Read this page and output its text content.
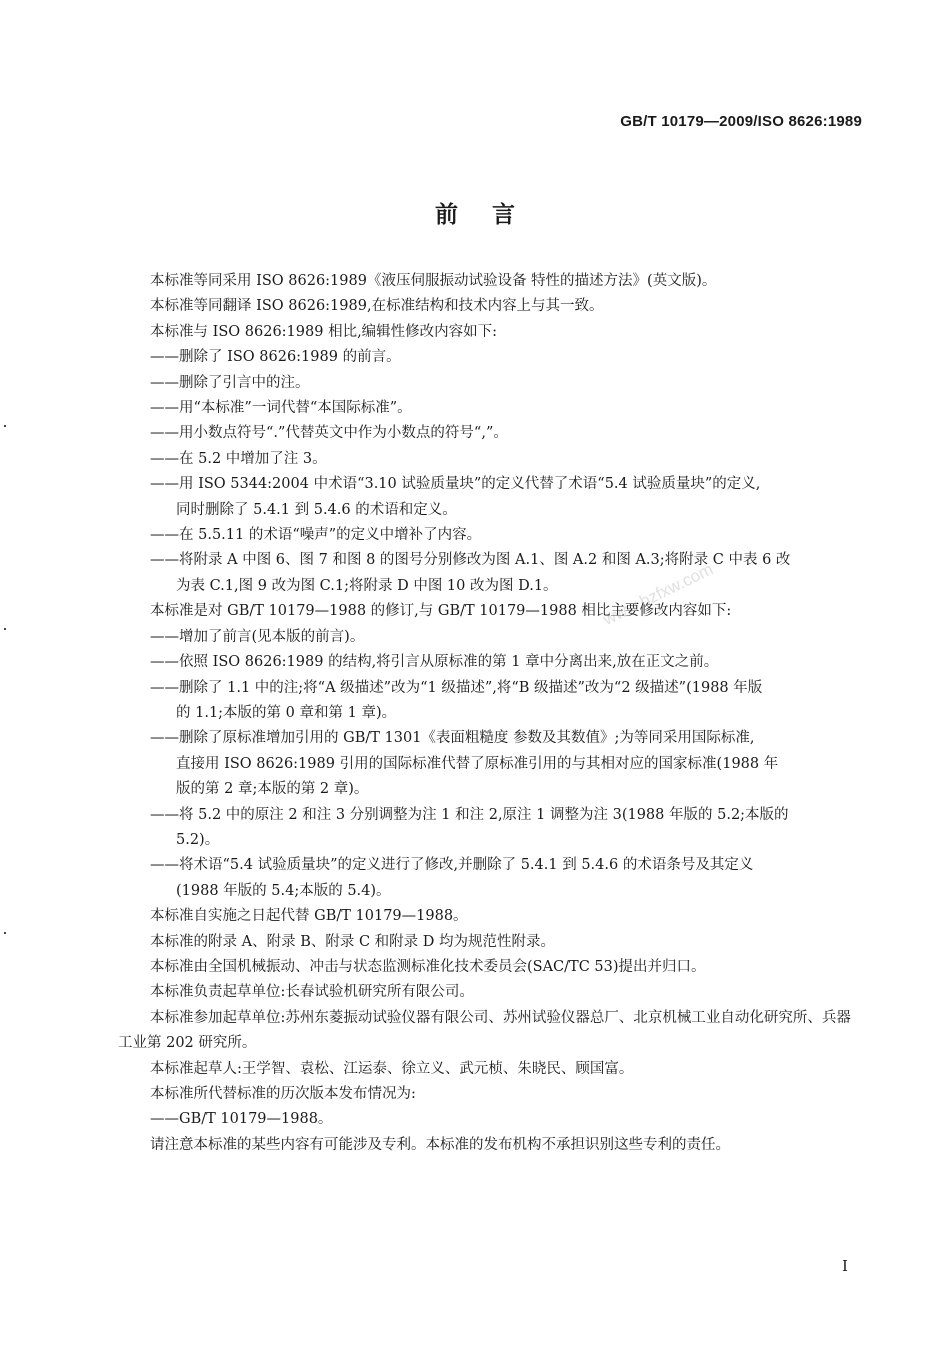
GB/T 10179—2009/ISO 8626:1989
前言
www.bzfxw.com

本标准等同采用 ISO 8626:1989《液压伺服振动试验设备 特性的描述方法》(英文版)。

本标准等同翻译 ISO 8626:1989,在标准结构和技术内容上与其一致。

本标准与 ISO 8626:1989 相比,编辑性修改内容如下:

——删除了 ISO 8626:1989 的前言。

——删除了引言中的注。

——用“本标准”一词代替“本国际标准”。

——用小数点符号“.”代替英文中作为小数点的符号“,”。

——在 5.2 中增加了注 3。

——用 ISO 5344:2004 中术语“3.10 试验质量块”的定义代替了术语“5.4 试验质量块”的定义,

同时删除了 5.4.1 到 5.4.6 的术语和定义。

——在 5.5.11 的术语“噪声”的定义中增补了内容。

——将附录 A 中图 6、图 7 和图 8 的图号分别修改为图 A.1、图 A.2 和图 A.3;将附录 C 中表 6 改

为表 C.1,图 9 改为图 C.1;将附录 D 中图 10 改为图 D.1。

本标准是对 GB/T 10179—1988 的修订,与 GB/T 10179—1988 相比主要修改内容如下:

——增加了前言(见本版的前言)。

——依照 ISO 8626:1989 的结构,将引言从原标准的第 1 章中分离出来,放在正文之前。

——删除了 1.1 中的注;将“A 级描述”改为“1 级描述”,将“B 级描述”改为“2 级描述”(1988 年版

的 1.1;本版的第 0 章和第 1 章)。

——删除了原标准增加引用的 GB/T 1301《表面粗糙度 参数及其数值》;为等同采用国际标准,

直接用 ISO 8626:1989 引用的国际标准代替了原标准引用的与其相对应的国家标准(1988 年

版的第 2 章;本版的第 2 章)。

——将 5.2 中的原注 2 和注 3 分别调整为注 1 和注 2,原注 1 调整为注 3(1988 年版的 5.2;本版的

5.2)。

——将术语“5.4 试验质量块”的定义进行了修改,并删除了 5.4.1 到 5.4.6 的术语条号及其定义

(1988 年版的 5.4;本版的 5.4)。

本标准自实施之日起代替 GB/T 10179—1988。

本标准的附录 A、附录 B、附录 C 和附录 D 均为规范性附录。

本标准由全国机械振动、冲击与状态监测标准化技术委员会(SAC/TC 53)提出并归口。

本标准负责起草单位:长春试验机研究所有限公司。

本标准参加起草单位:苏州东菱振动试验仪器有限公司、苏州试验仪器总厂、北京机械工业自动化研究所、兵器工业第 202 研究所。

本标准起草人:王学智、袁松、江运泰、徐立义、武元桢、朱晓民、顾国富。

本标准所代替标准的历次版本发布情况为:

——GB/T 10179—1988。

请注意本标准的某些内容有可能涉及专利。本标准的发布机构不承担识别这些专利的责任。

I
